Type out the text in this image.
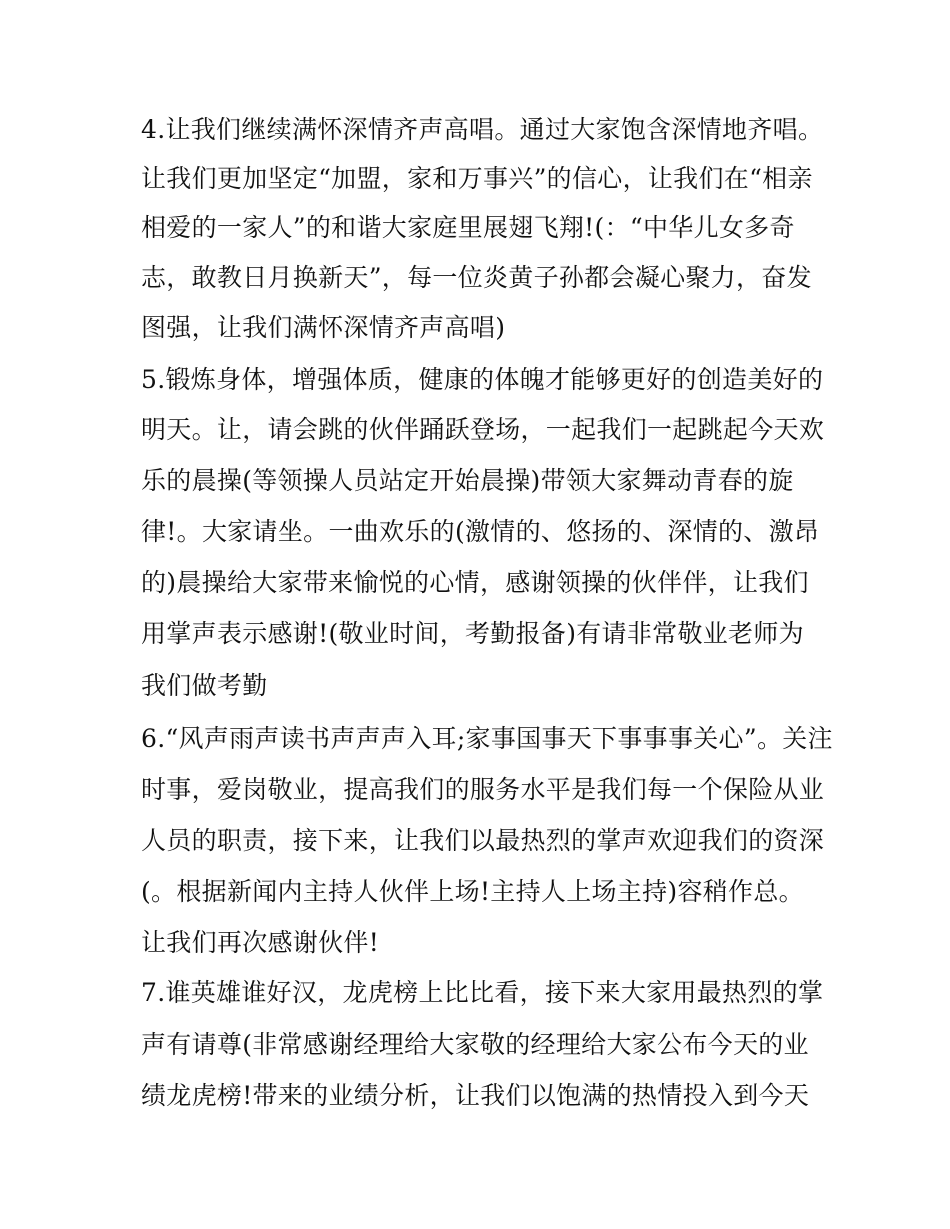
4.让我们继续满怀深情齐声高唱。通过大家饱含深情地齐唱。
让我们更加坚定“加盟，家和万事兴”的信心，让我们在“相亲
相爱的一家人”的和谐大家庭里展翅飞翔!(：“中华儿女多奇
志，敢教日月换新天”，每一位炎黄子孙都会凝心聚力，奋发
图强，让我们满怀深情齐声高唱)
5.锻炼身体，增强体质，健康的体魄才能够更好的创造美好的
明天。让，请会跳的伙伴踊跃登场，一起我们一起跳起今天欢
乐的晨操(等领操人员站定开始晨操)带领大家舞动青春的旋
律!。大家请坐。一曲欢乐的(激情的、悠扬的、深情的、激昂
的)晨操给大家带来愉悦的心情，感谢领操的伙伴伴，让我们
用掌声表示感谢!(敬业时间，考勤报备)有请非常敬业老师为
我们做考勤
6.“风声雨声读书声声声入耳;家事国事天下事事事关心”。关注
时事，爱岗敬业，提高我们的服务水平是我们每一个保险从业
人员的职责，接下来，让我们以最热烈的掌声欢迎我们的资深
(。根据新闻内主持人伙伴上场!主持人上场主持)容稍作总。
让我们再次感谢伙伴!
7.谁英雄谁好汉，龙虎榜上比比看，接下来大家用最热烈的掌
声有请尊(非常感谢经理给大家敬的经理给大家公布今天的业
绩龙虎榜!带来的业绩分析，让我们以饱满的热情投入到今天
